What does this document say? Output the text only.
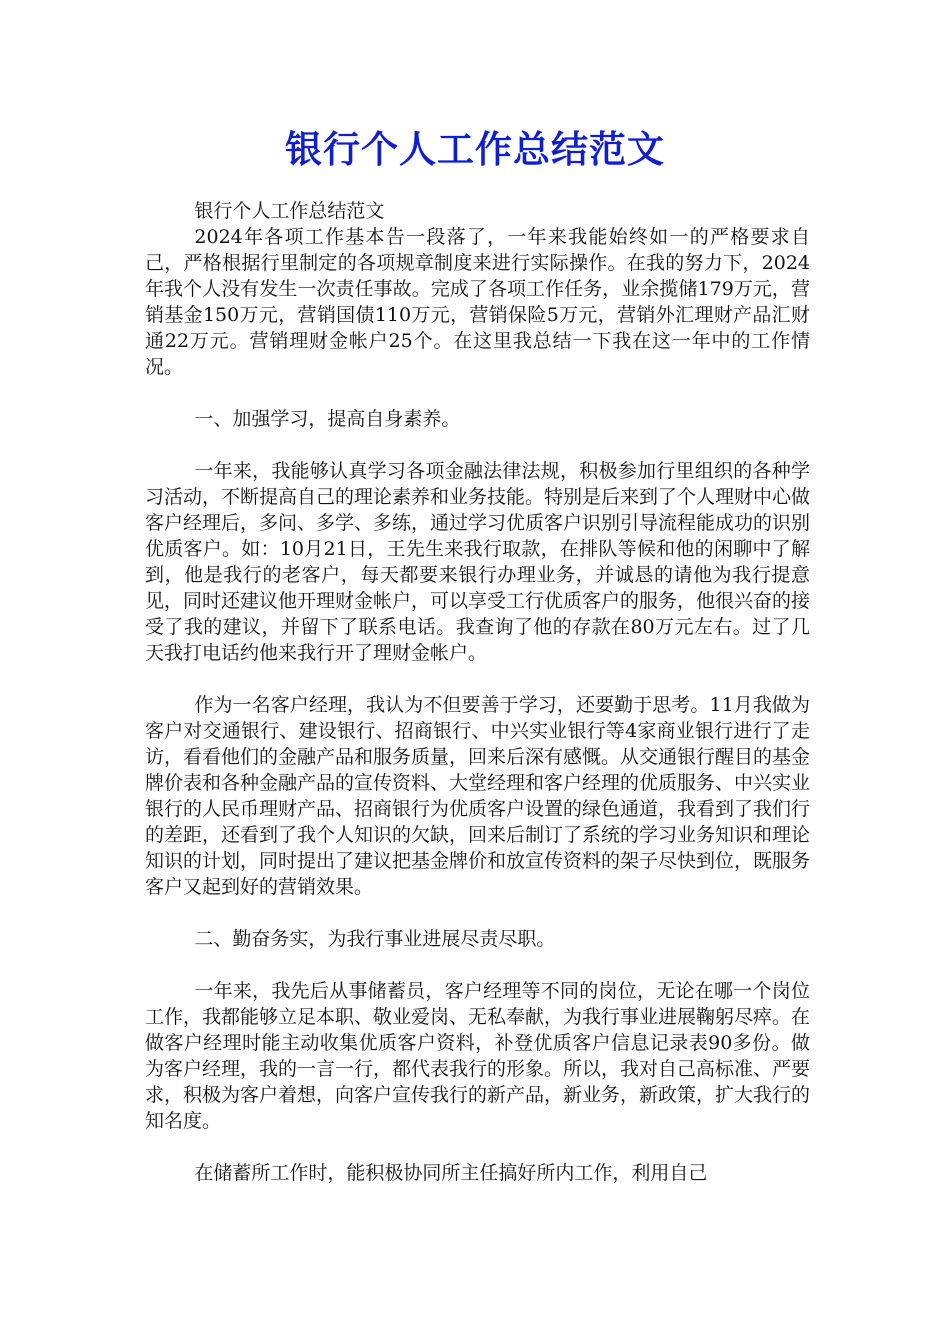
银行个人工作总结范文

银行个人工作总结范文

2024年各项工作基本告一段落了，一年来我能始终如一的严格要求自己，严格根据行里制定的各项规章制度来进行实际操作。在我的努力下，2024年我个人没有发生一次责任事故。完成了各项工作任务，业余揽储179万元，营销基金150万元，营销国债110万元，营销保险5万元，营销外汇理财产品汇财通22万元。营销理财金帐户25个。在这里我总结一下我在这一年中的工作情况。

一、加强学习，提高自身素养。

一年来，我能够认真学习各项金融法律法规，积极参加行里组织的各种学习活动，不断提高自己的理论素养和业务技能。特别是后来到了个人理财中心做客户经理后，多问、多学、多练，通过学习优质客户识别引导流程能成功的识别优质客户。如：10月21日，王先生来我行取款，在排队等候和他的闲聊中了解到，他是我行的老客户，每天都要来银行办理业务，并诚恳的请他为我行提意见，同时还建议他开理财金帐户，可以享受工行优质客户的服务，他很兴奋的接受了我的建议，并留下了联系电话。我查询了他的存款在80万元左右。过了几天我打电话约他来我行开了理财金帐户。

作为一名客户经理，我认为不但要善于学习，还要勤于思考。11月我做为客户对交通银行、建设银行、招商银行、中兴实业银行等4家商业银行进行了走访，看看他们的金融产品和服务质量，回来后深有感慨。从交通银行醒目的基金牌价表和各种金融产品的宣传资料、大堂经理和客户经理的优质服务、中兴实业银行的人民币理财产品、招商银行为优质客户设置的绿色通道，我看到了我们行的差距，还看到了我个人知识的欠缺，回来后制订了系统的学习业务知识和理论知识的计划，同时提出了建议把基金牌价和放宣传资料的架子尽快到位，既服务客户又起到好的营销效果。

二、勤奋务实，为我行事业进展尽责尽职。

一年来，我先后从事储蓄员，客户经理等不同的岗位，无论在哪一个岗位工作，我都能够立足本职、敬业爱岗、无私奉献，为我行事业进展鞠躬尽瘁。在做客户经理时能主动收集优质客户资料，补登优质客户信息记录表90多份。做为客户经理，我的一言一行，都代表我行的形象。所以，我对自己高标准、严要求，积极为客户着想，向客户宣传我行的新产品，新业务，新政策，扩大我行的知名度。

在储蓄所工作时，能积极协同所主任搞好所内工作，利用自己
